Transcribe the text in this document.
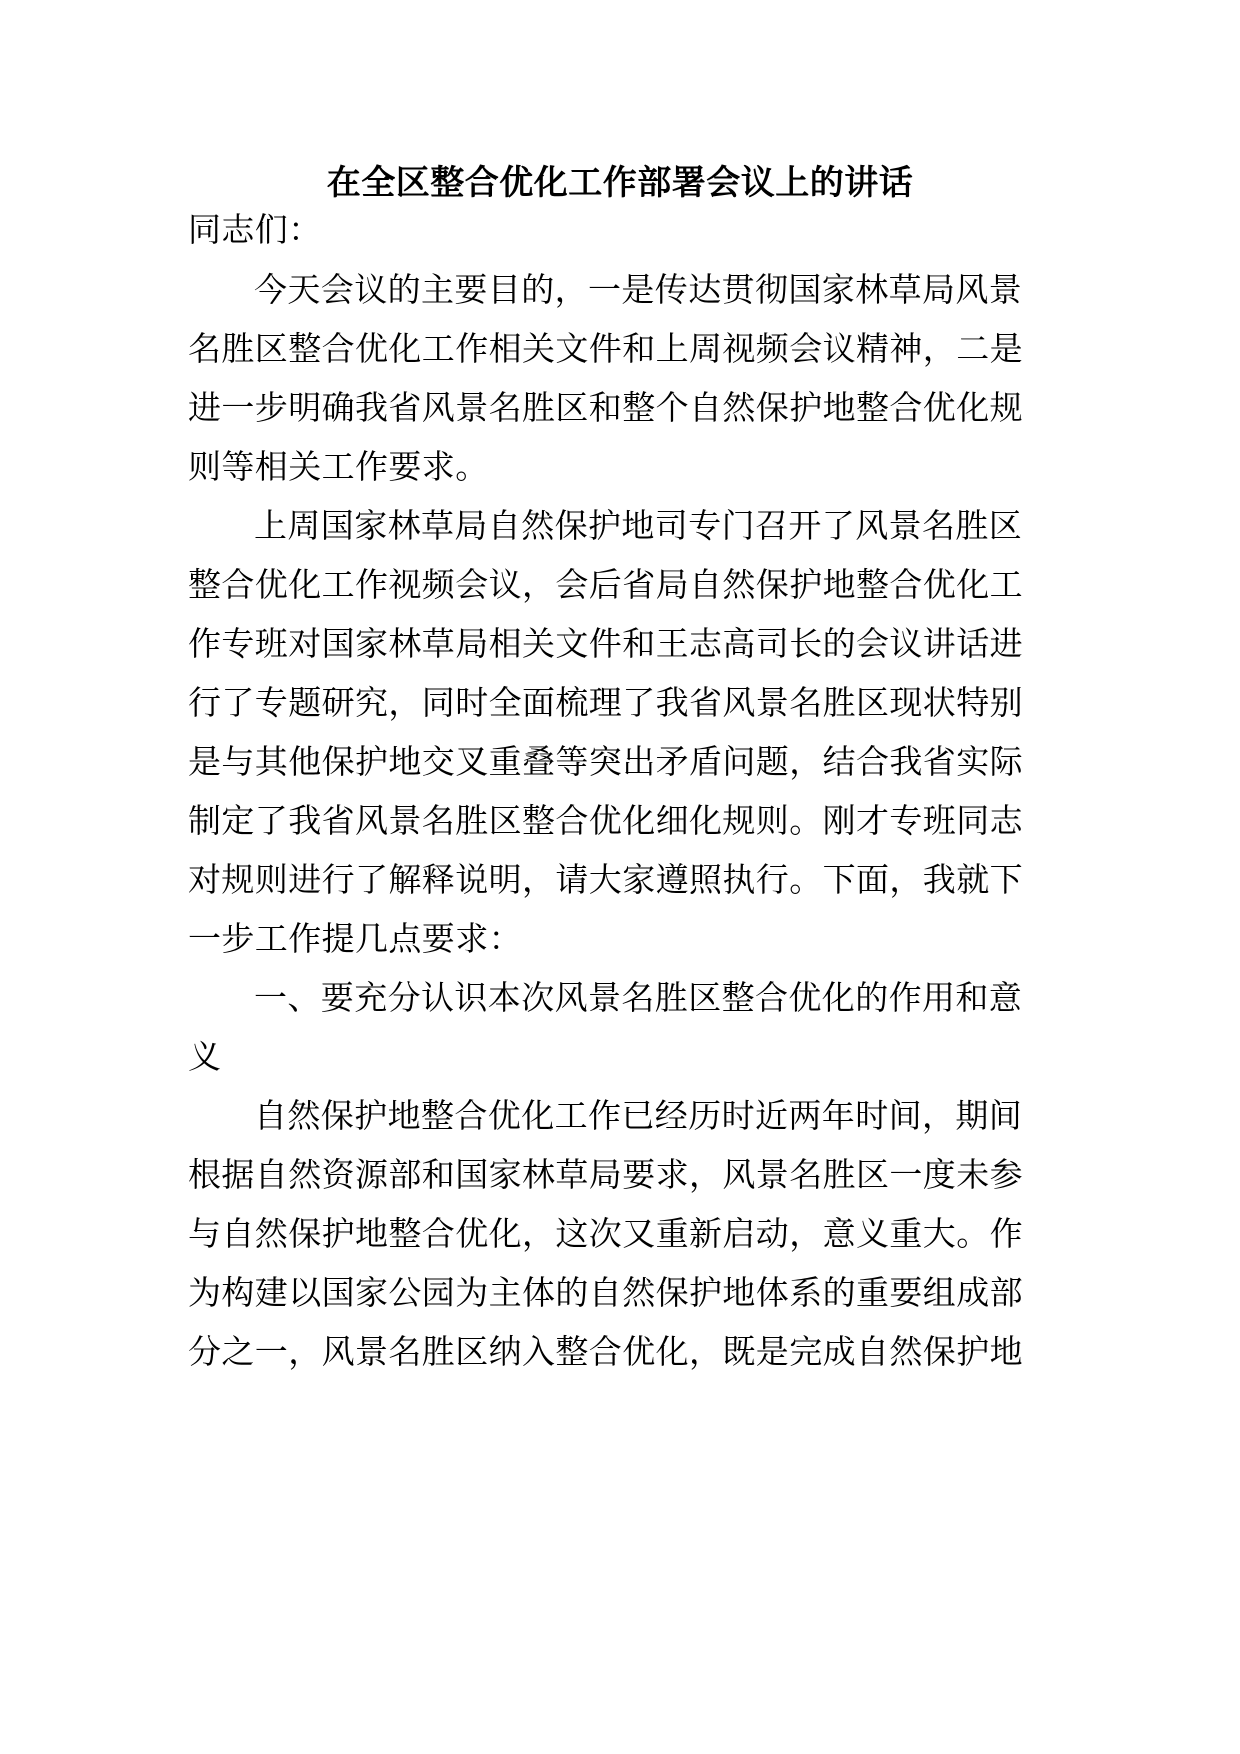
在全区整合优化工作部署会议上的讲话
同志们：
今天会议的主要目的，一是传达贯彻国家林草局风景
名胜区整合优化工作相关文件和上周视频会议精神，二是
进一步明确我省风景名胜区和整个自然保护地整合优化规
则等相关工作要求。
上周国家林草局自然保护地司专门召开了风景名胜区
整合优化工作视频会议，会后省局自然保护地整合优化工
作专班对国家林草局相关文件和王志高司长的会议讲话进
行了专题研究，同时全面梳理了我省风景名胜区现状特别
是与其他保护地交叉重叠等突出矛盾问题，结合我省实际
制定了我省风景名胜区整合优化细化规则。刚才专班同志
对规则进行了解释说明，请大家遵照执行。下面，我就下
一步工作提几点要求：
一、要充分认识本次风景名胜区整合优化的作用和意
义
自然保护地整合优化工作已经历时近两年时间，期间
根据自然资源部和国家林草局要求，风景名胜区一度未参
与自然保护地整合优化，这次又重新启动，意义重大。作
为构建以国家公园为主体的自然保护地体系的重要组成部
分之一，风景名胜区纳入整合优化，既是完成自然保护地
